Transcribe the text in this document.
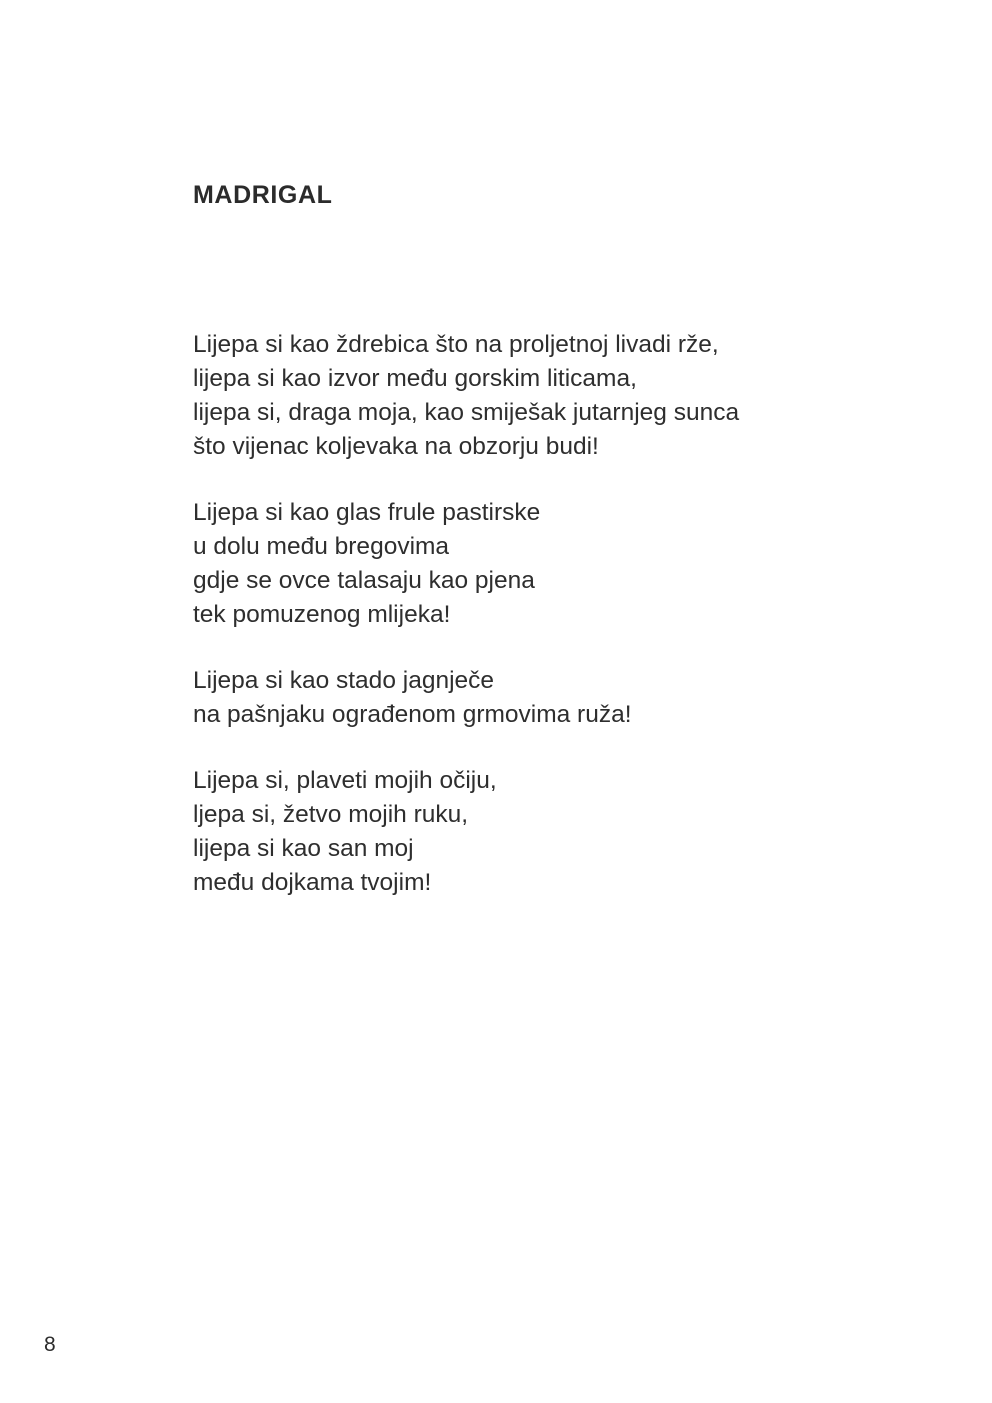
MADRIGAL
Lijepa si kao ždrebica što na proljetnoj livadi rže,
lijepa si kao izvor među gorskim liticama,
lijepa si, draga moja, kao smiješak jutarnjeg sunca
što vijenac koljevaka na obzorju budi!
Lijepa si kao glas frule pastirske
u dolu među bregovima
gdje se ovce talasaju kao pjena
tek pomuzenog mlijeka!
Lijepa si kao stado jagnječe
na pašnjaku ograđenom grmovima ruža!
Lijepa si, plaveti mojih očiju,
ljepa si, žetvo mojih ruku,
lijepa si kao san moj
među dojkama tvojim!
8
